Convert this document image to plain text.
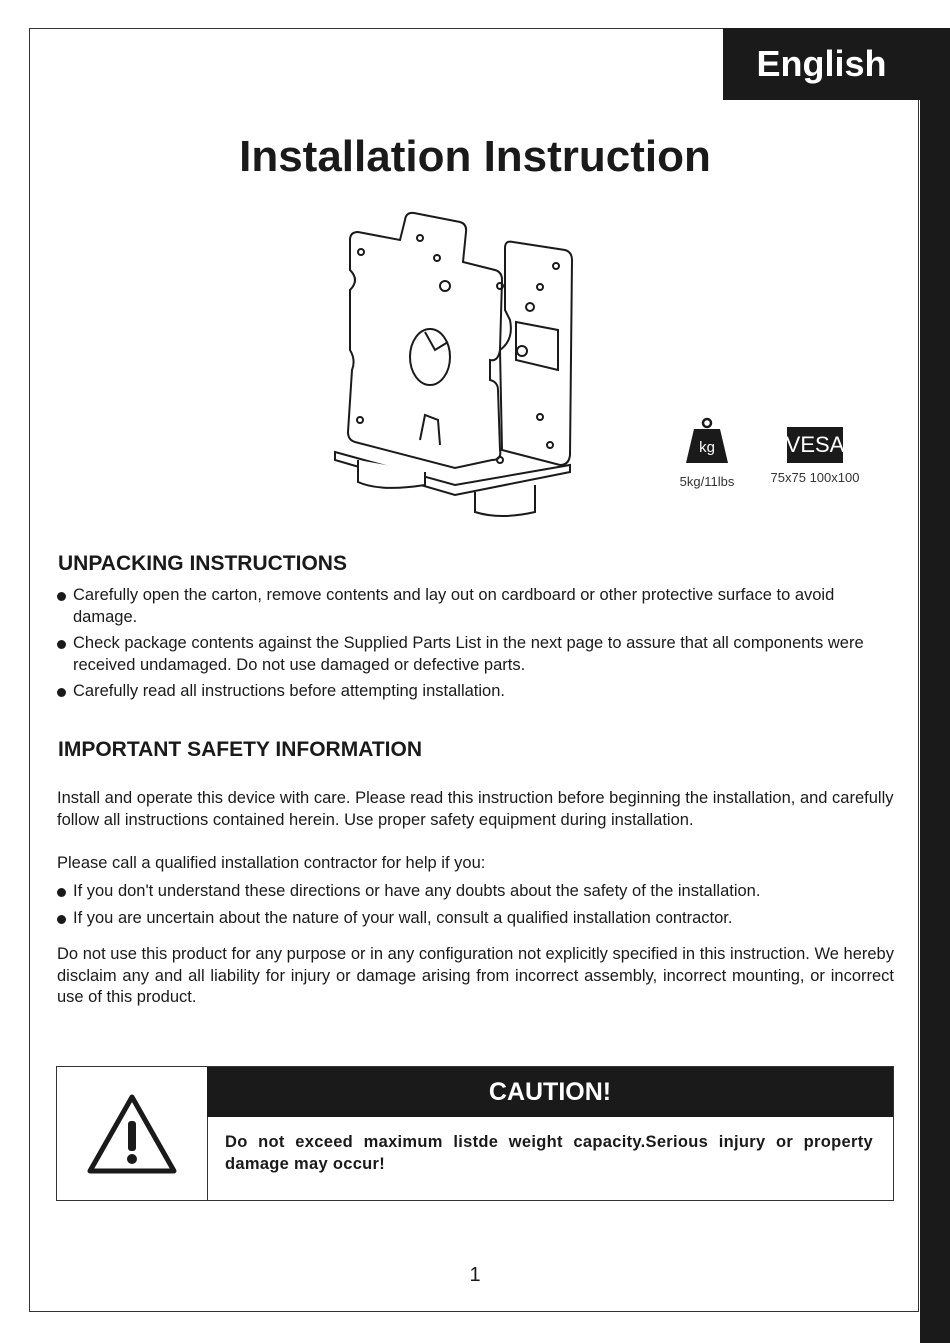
English
Installation Instruction
kg
5kg/11lbs
VESA
75x75 100x100
UNPACKING INSTRUCTIONS
Carefully open the carton, remove contents and lay out on cardboard or other protective surface to avoid damage.
Check package contents against the Supplied Parts List in the next page to assure that all components were received undamaged. Do not use damaged or defective parts.
Carefully read all instructions before attempting installation.
IMPORTANT SAFETY INFORMATION

Install and operate this device with care. Please read this instruction before beginning the installation, and carefully follow all instructions contained herein. Use proper safety equipment during installation.

Please call a qualified installation contractor for help if you:

If you don't understand these directions or have any doubts about the safety of the installation.
If you are uncertain about the nature of your wall, consult a qualified installation contractor.

Do not use this product for any purpose or in any configuration not explicitly specified in this instruction. We hereby disclaim any and all liability for injury or damage arising from incorrect assembly, incorrect mounting, or incorrect use of this product.

CAUTION!

Do not exceed maximum listde weight capacity.Serious injury or property damage may occur!

1
